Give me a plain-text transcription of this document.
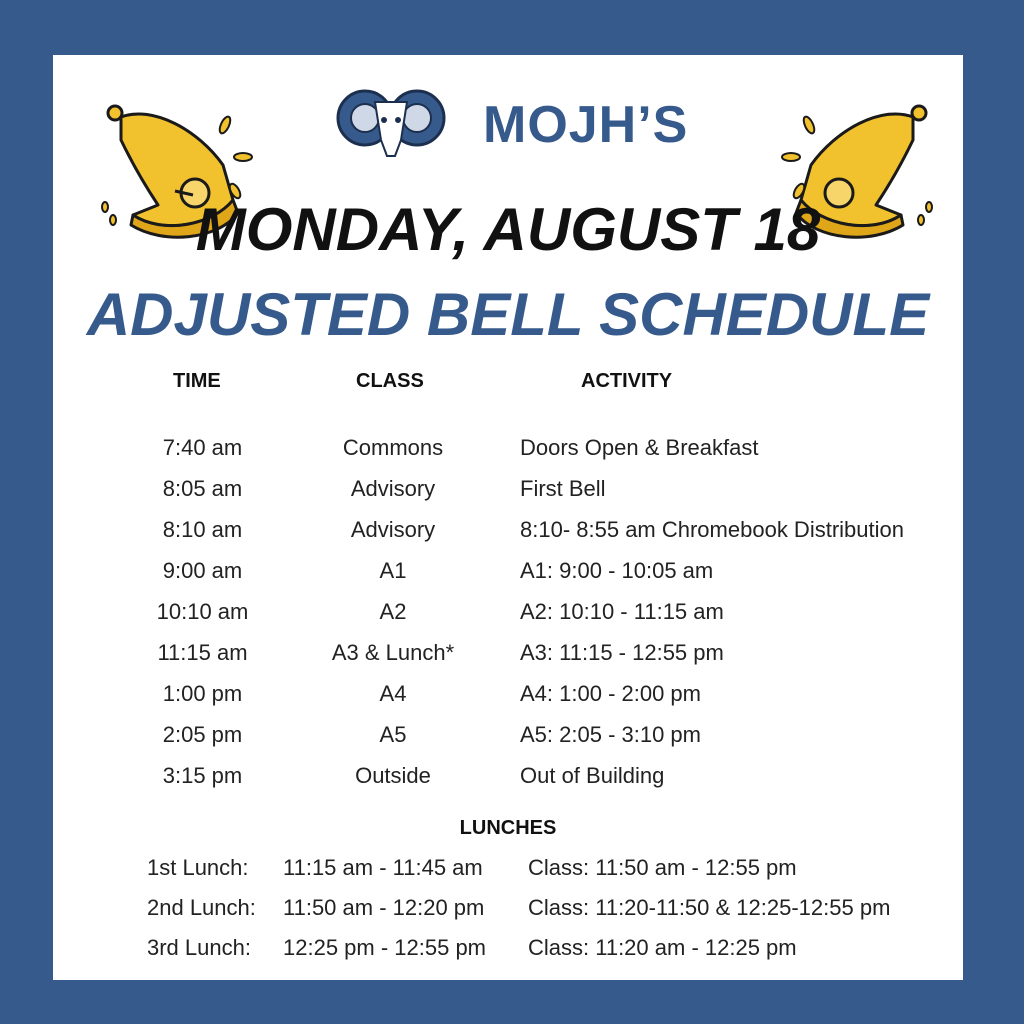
MOJH’S
MONDAY, AUGUST 18
ADJUSTED BELL SCHEDULE
TIME	CLASS	ACTIVITY
7:40 am	Commons	Doors Open & Breakfast
8:05 am	Advisory	First Bell
8:10 am	Advisory	8:10- 8:55 am Chromebook Distribution
9:00 am	A1	A1: 9:00 - 10:05 am
10:10 am	A2	A2: 10:10 - 11:15 am
11:15 am	A3 & Lunch*	A3: 11:15 - 12:55 pm
1:00 pm	A4	A4: 1:00 - 2:00 pm
2:05 pm	A5	A5: 2:05 - 3:10 pm
3:15 pm	Outside	Out of Building
LUNCHES
1st Lunch: 11:15 am - 11:45 am Class: 11:50 am - 12:55 pm
2nd Lunch: 11:50 am - 12:20 pm Class: 11:20-11:50 & 12:25-12:55 pm
3rd Lunch: 12:25 pm - 12:55 pm Class: 11:20 am - 12:25 pm
